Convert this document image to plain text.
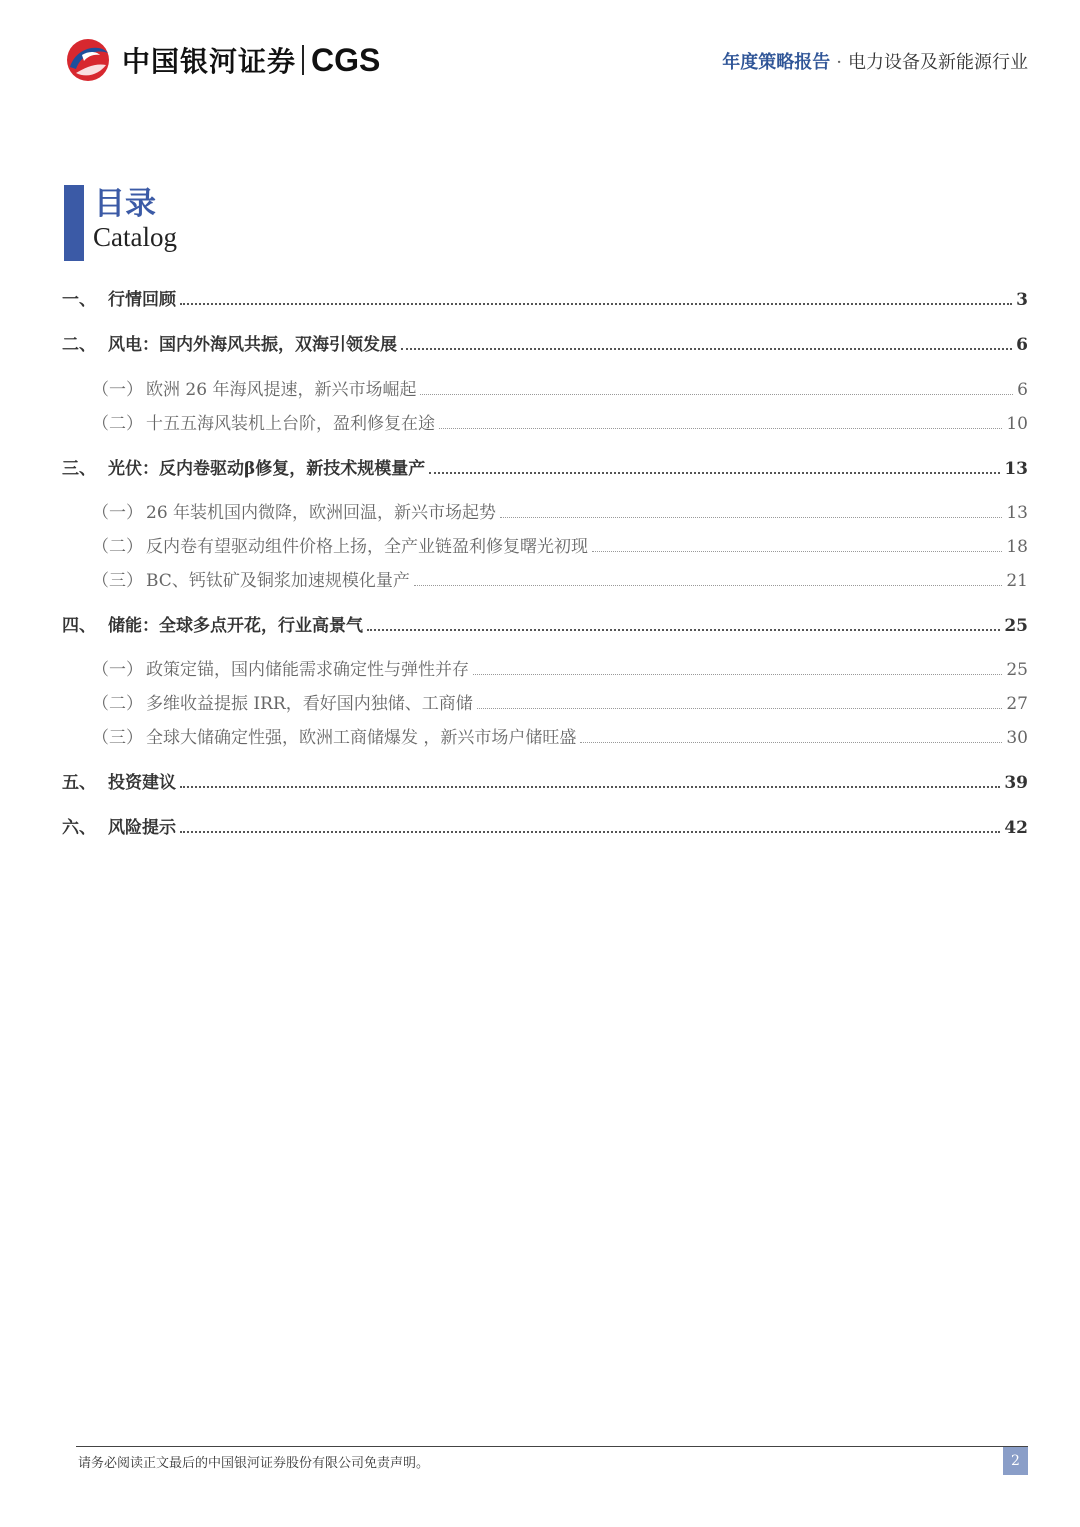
中国银河证券 CGS	年度策略报告 · 电力设备及新能源行业
目录
Catalog
一、 行情回顾	3
二、 风电：国内外海风共振，双海引领发展	6
（一） 欧洲 26 年海风提速，新兴市场崛起	6
（二） 十五五海风装机上台阶，盈利修复在途	10
三、 光伏：反内卷驱动β修复，新技术规模量产	13
（一） 26 年装机国内微降，欧洲回温，新兴市场起势	13
（二） 反内卷有望驱动组件价格上扬，全产业链盈利修复曙光初现	18
（三） BC、钙钛矿及铜浆加速规模化量产	21
四、 储能：全球多点开花，行业高景气	25
（一） 政策定锚，国内储能需求确定性与弹性并存	25
（二） 多维收益提振 IRR，看好国内独储、工商储	27
（三） 全球大储确定性强，欧洲工商储爆发 ，新兴市场户储旺盛	30
五、 投资建议	39
六、 风险提示	42
请务必阅读正文最后的中国银河证券股份有限公司免责声明。	2
